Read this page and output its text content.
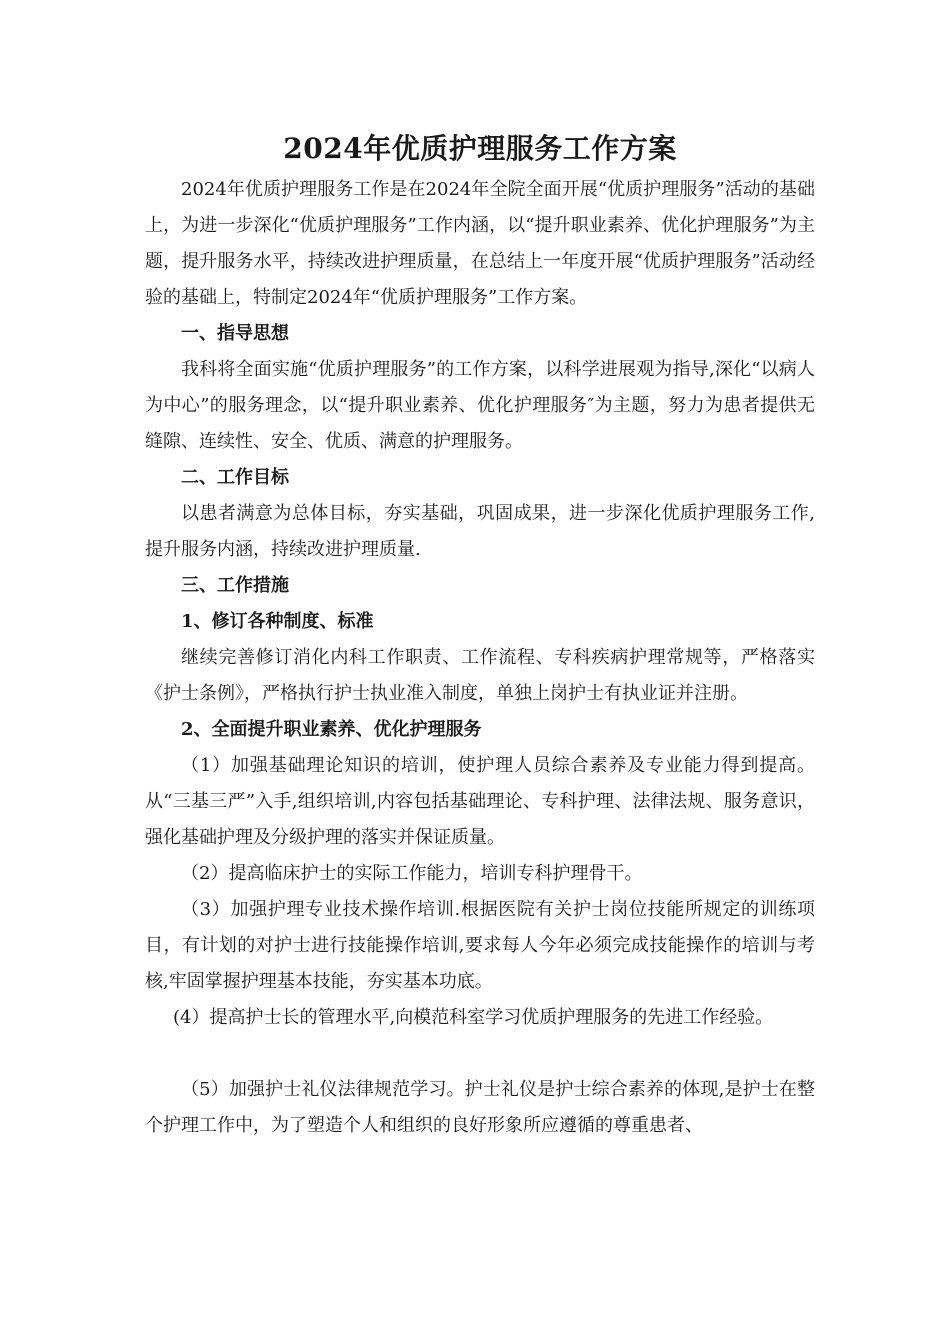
2024年优质护理服务工作方案

2024年优质护理服务工作是在2024年全院全面开展“优质护理服务”活动的基础上，为进一步深化“优质护理服务”工作内涵，以“提升职业素养、优化护理服务”为主题，提升服务水平，持续改进护理质量，在总结上一年度开展“优质护理服务”活动经验的基础上，特制定2024年“优质护理服务”工作方案。

一、指导思想

我科将全面实施“优质护理服务”的工作方案，以科学进展观为指导,深化“以病人为中心”的服务理念，以“提升职业素养、优化护理服务″为主题，努力为患者提供无缝隙、连续性、安全、优质、满意的护理服务。

二、工作目标

以患者满意为总体目标，夯实基础，巩固成果，进一步深化优质护理服务工作,提升服务内涵，持续改进护理质量.

三、工作措施

1、修订各种制度、标准

继续完善修订消化内科工作职责、工作流程、专科疾病护理常规等，严格落实《护士条例》，严格执行护士执业准入制度，单独上岗护士有执业证并注册。

2、全面提升职业素养、优化护理服务

（1）加强基础理论知识的培训，使护理人员综合素养及专业能力得到提高。从“三基三严”入手,组织培训,内容包括基础理论、专科护理、法律法规、服务意识，强化基础护理及分级护理的落实并保证质量。

（2）提高临床护士的实际工作能力，培训专科护理骨干。

（3）加强护理专业技术操作培训.根据医院有关护士岗位技能所规定的训练项目，有计划的对护士进行技能操作培训,要求每人今年必须完成技能操作的培训与考核,牢固掌握护理基本技能，夯实基本功底。

(4）提高护士长的管理水平,向模范科室学习优质护理服务的先进工作经验。

（5）加强护士礼仪法律规范学习。护士礼仪是护士综合素养的体现,是护士在整个护理工作中，为了塑造个人和组织的良好形象所应遵循的尊重患者、
